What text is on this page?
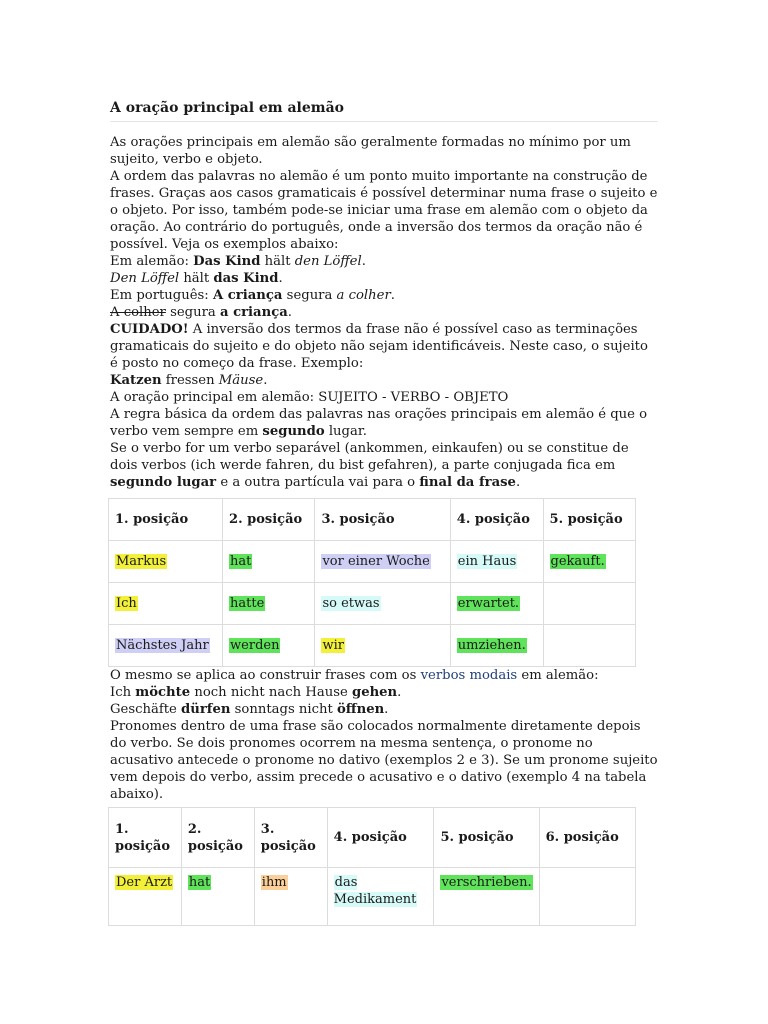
A oração principal em alemão

As orações principais em alemão são geralmente formadas no mínimo por um sujeito, verbo e objeto.

A ordem das palavras no alemão é um ponto muito importante na construção de frases. Graças aos casos gramaticais é possível determinar numa frase o sujeito e o objeto. Por isso, também pode-se iniciar uma frase em alemão com o objeto da oração. Ao contrário do português, onde a inversão dos termos da oração não é possível. Veja os exemplos abaixo:

Em alemão: Das Kind hält den Löffel.

Den Löffel hält das Kind.

Em português: A criança segura a colher.

A colher segura a criança.

CUIDADO! A inversão dos termos da frase não é possível caso as terminações gramaticais do sujeito e do objeto não sejam identificáveis. Neste caso, o sujeito é posto no começo da frase. Exemplo:

Katzen fressen Mäuse.

A oração principal em alemão: SUJEITO - VERBO - OBJETO

A regra básica da ordem das palavras nas orações principais em alemão é que o verbo vem sempre em segundo lugar.

Se o verbo for um verbo separável (ankommen, einkaufen) ou se constitue de dois verbos (ich werde fahren, du bist gefahren), a parte conjugada fica em segundo lugar e a outra partícula vai para o final da frase.

1. posição	2. posição	3. posição	4. posição	5. posição
Markus	hat	vor einer Woche	ein Haus	gekauft.
Ich	hatte	so etwas	erwartet.	
Nächstes Jahr	werden	wir	umziehen.	

O mesmo se aplica ao construir frases com os verbos modais em alemão:

Ich möchte noch nicht nach Hause gehen.

Geschäfte dürfen sonntags nicht öffnen.

Pronomes dentro de uma frase são colocados normalmente diretamente depois do verbo. Se dois pronomes ocorrem na mesma sentença, o pronome no acusativo antecede o pronome no dativo (exemplos 2 e 3). Se um pronome sujeito vem depois do verbo, assim precede o acusativo e o dativo (exemplo 4 na tabela abaixo).

1. posição	2. posição	3. posição	4. posição	5. posição	6. posição
Der Arzt	hat	ihm	das Medikament	verschrieben.	
